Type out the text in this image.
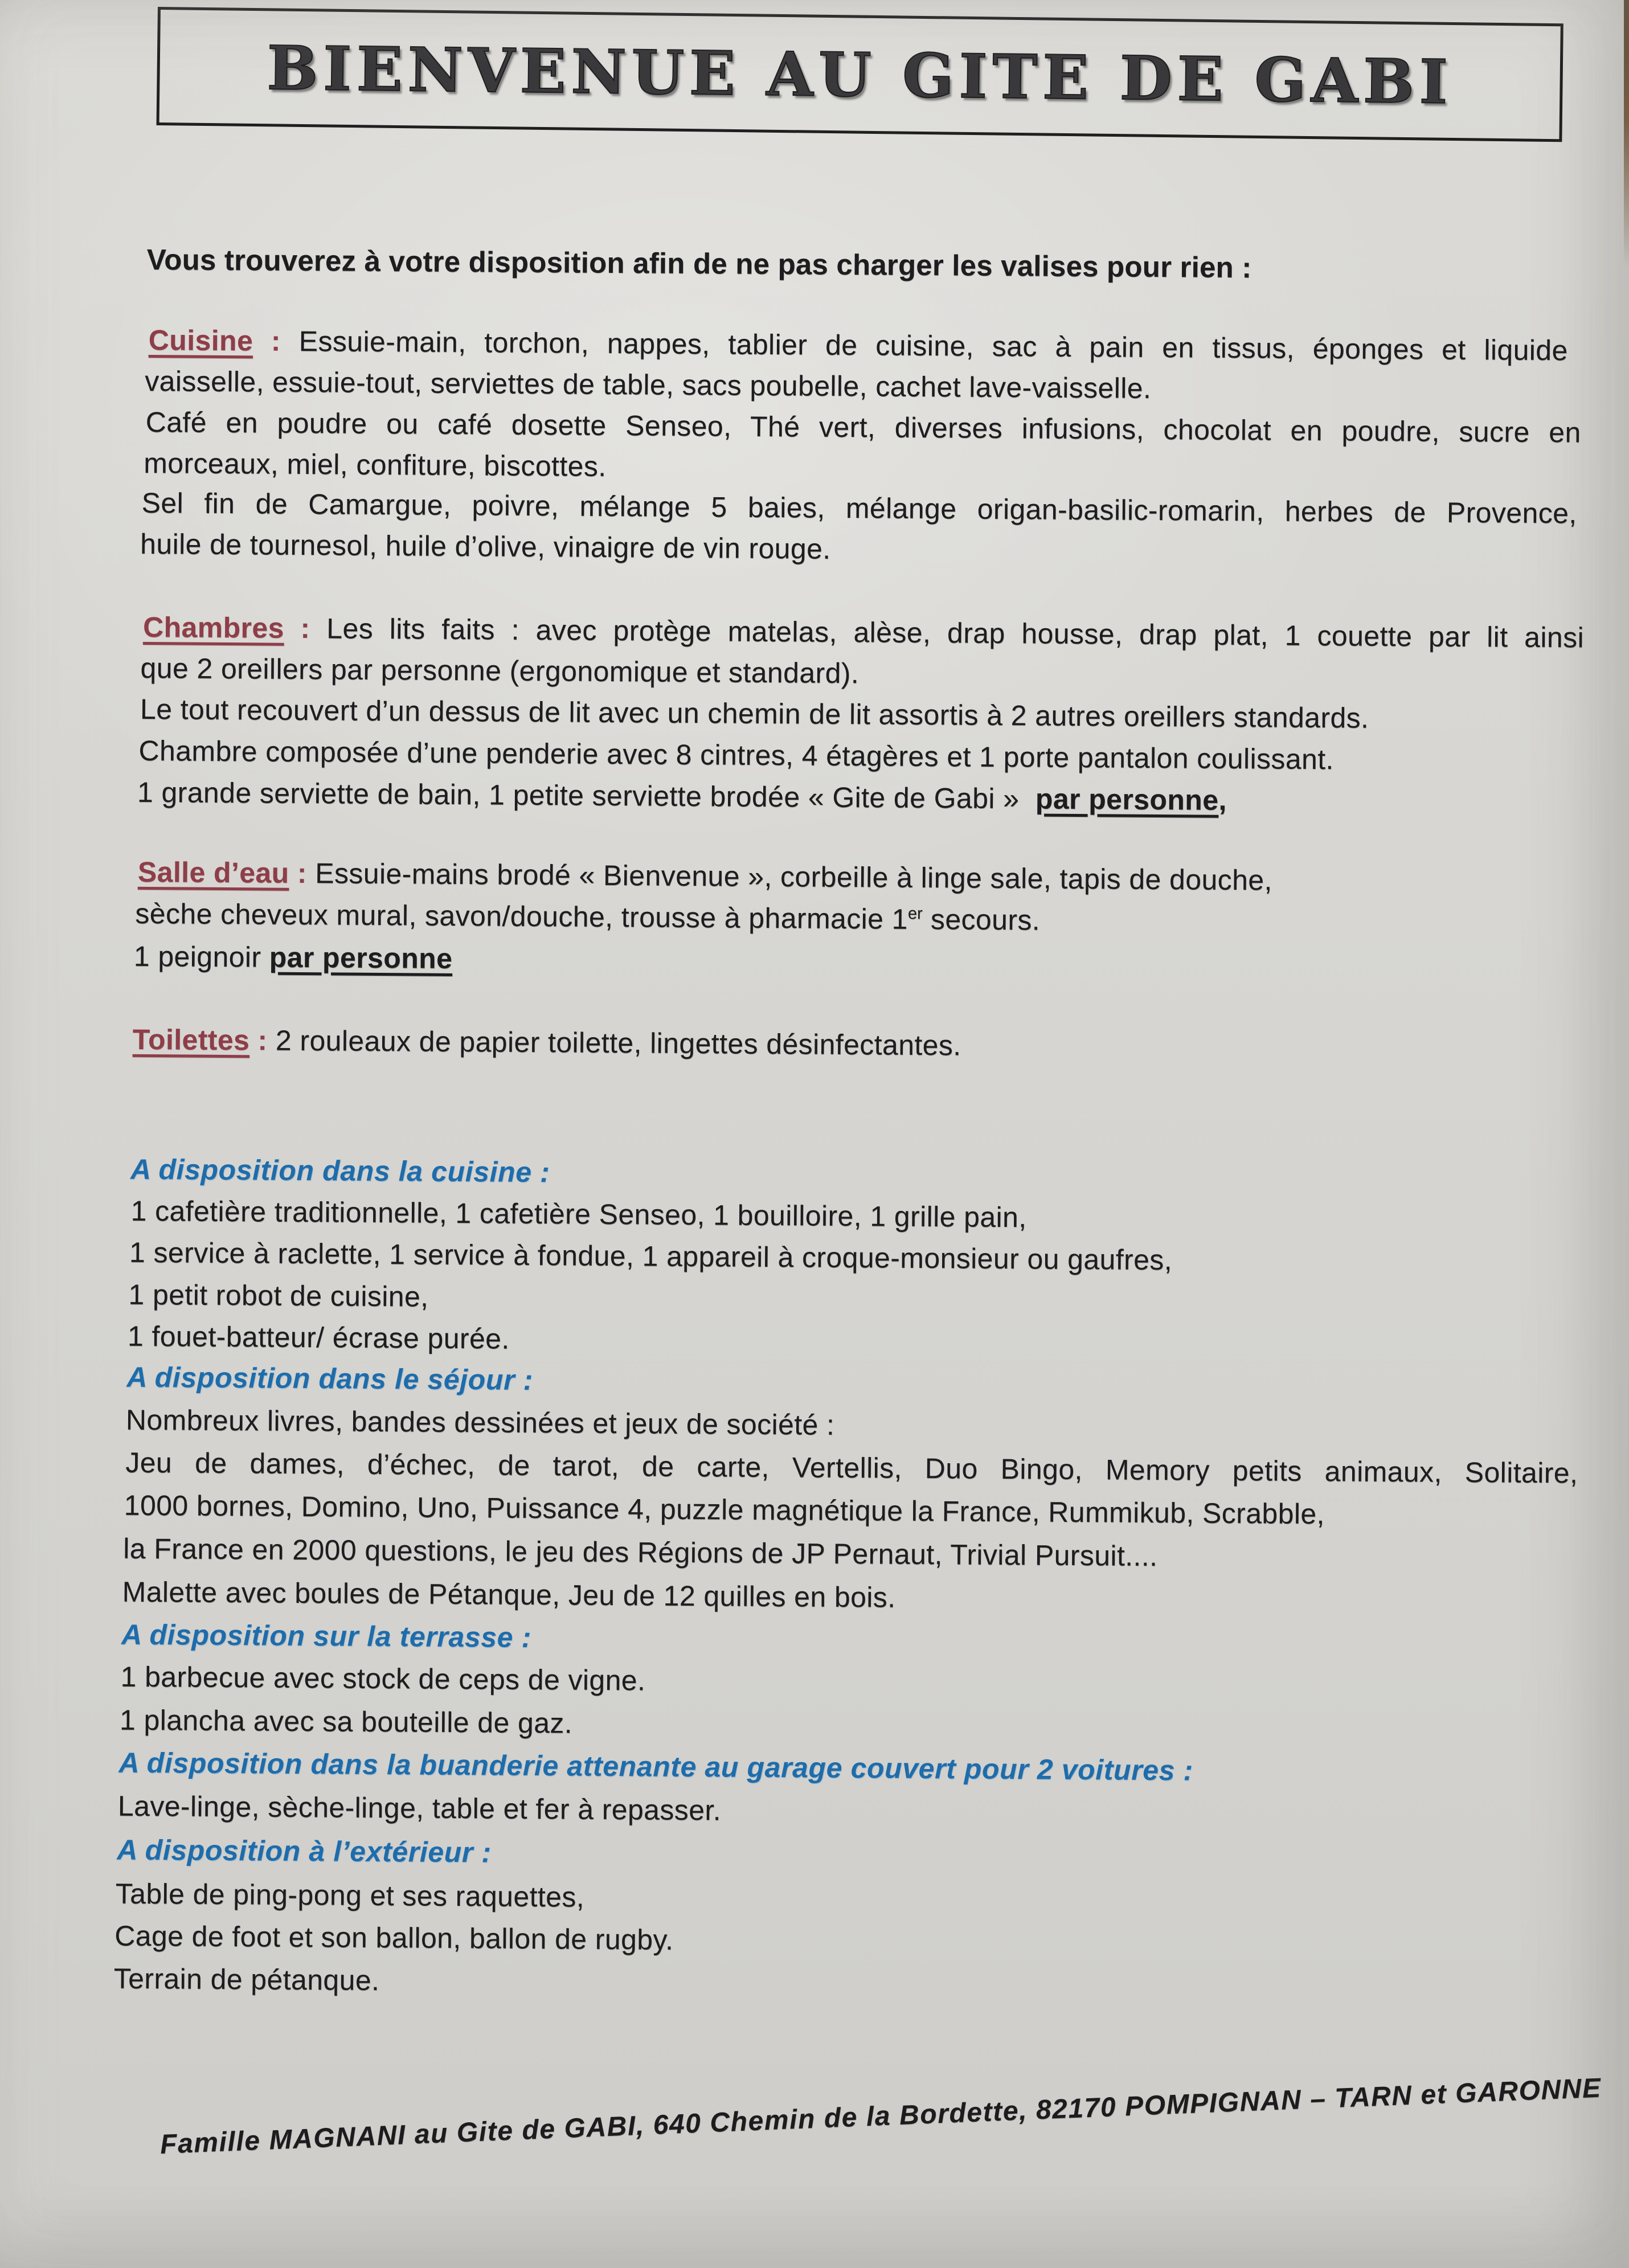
BIENVENUE AU GITE DE GABI
Vous trouverez à votre disposition afin de ne pas charger les valises pour rien :
Cuisine : Essuie-main, torchon, nappes, tablier de cuisine, sac à pain en tissus, éponges et liquide
vaisselle, essuie-tout, serviettes de table, sacs poubelle, cachet lave-vaisselle.
Café en poudre ou café dosette Senseo, Thé vert, diverses infusions, chocolat en poudre, sucre en
morceaux, miel, confiture, biscottes.
Sel fin de Camargue, poivre, mélange 5 baies, mélange origan-basilic-romarin, herbes de Provence,
huile de tournesol, huile d’olive, vinaigre de vin rouge.
Chambres : Les lits faits : avec protège matelas, alèse, drap housse, drap plat, 1 couette par lit ainsi
que 2 oreillers par personne (ergonomique et standard).
Le tout recouvert d’un dessus de lit avec un chemin de lit assortis à 2 autres oreillers standards.
Chambre composée d’une penderie avec 8 cintres, 4 étagères et 1 porte pantalon coulissant.
1 grande serviette de bain, 1 petite serviette brodée « Gite de Gabi »  par personne,
Salle d’eau : Essuie-mains brodé « Bienvenue », corbeille à linge sale, tapis de douche,
sèche cheveux mural, savon/douche, trousse à pharmacie 1er secours.
1 peignoir par personne
Toilettes : 2 rouleaux de papier toilette, lingettes désinfectantes.
A disposition dans la cuisine :
1 cafetière traditionnelle, 1 cafetière Senseo, 1 bouilloire, 1 grille pain,
1 service à raclette, 1 service à fondue, 1 appareil à croque-monsieur ou gaufres,
1 petit robot de cuisine,
1 fouet-batteur/ écrase purée.
A disposition dans le séjour :
Nombreux livres, bandes dessinées et jeux de société :
Jeu de dames, d’échec, de tarot, de carte, Vertellis, Duo Bingo, Memory petits animaux, Solitaire,
1000 bornes, Domino, Uno, Puissance 4, puzzle magnétique la France, Rummikub, Scrabble,
la France en 2000 questions, le jeu des Régions de JP Pernaut, Trivial Pursuit....
Malette avec boules de Pétanque, Jeu de 12 quilles en bois.
A disposition sur la terrasse :
1 barbecue avec stock de ceps de vigne.
1 plancha avec sa bouteille de gaz.
A disposition dans la buanderie attenante au garage couvert pour 2 voitures :
Lave-linge, sèche-linge, table et fer à repasser.
A disposition à l’extérieur :
Table de ping-pong et ses raquettes,
Cage de foot et son ballon, ballon de rugby.
Terrain de pétanque.
Famille MAGNANI au Gite de GABI, 640 Chemin de la Bordette, 82170 POMPIGNAN – TARN et GARONNE
